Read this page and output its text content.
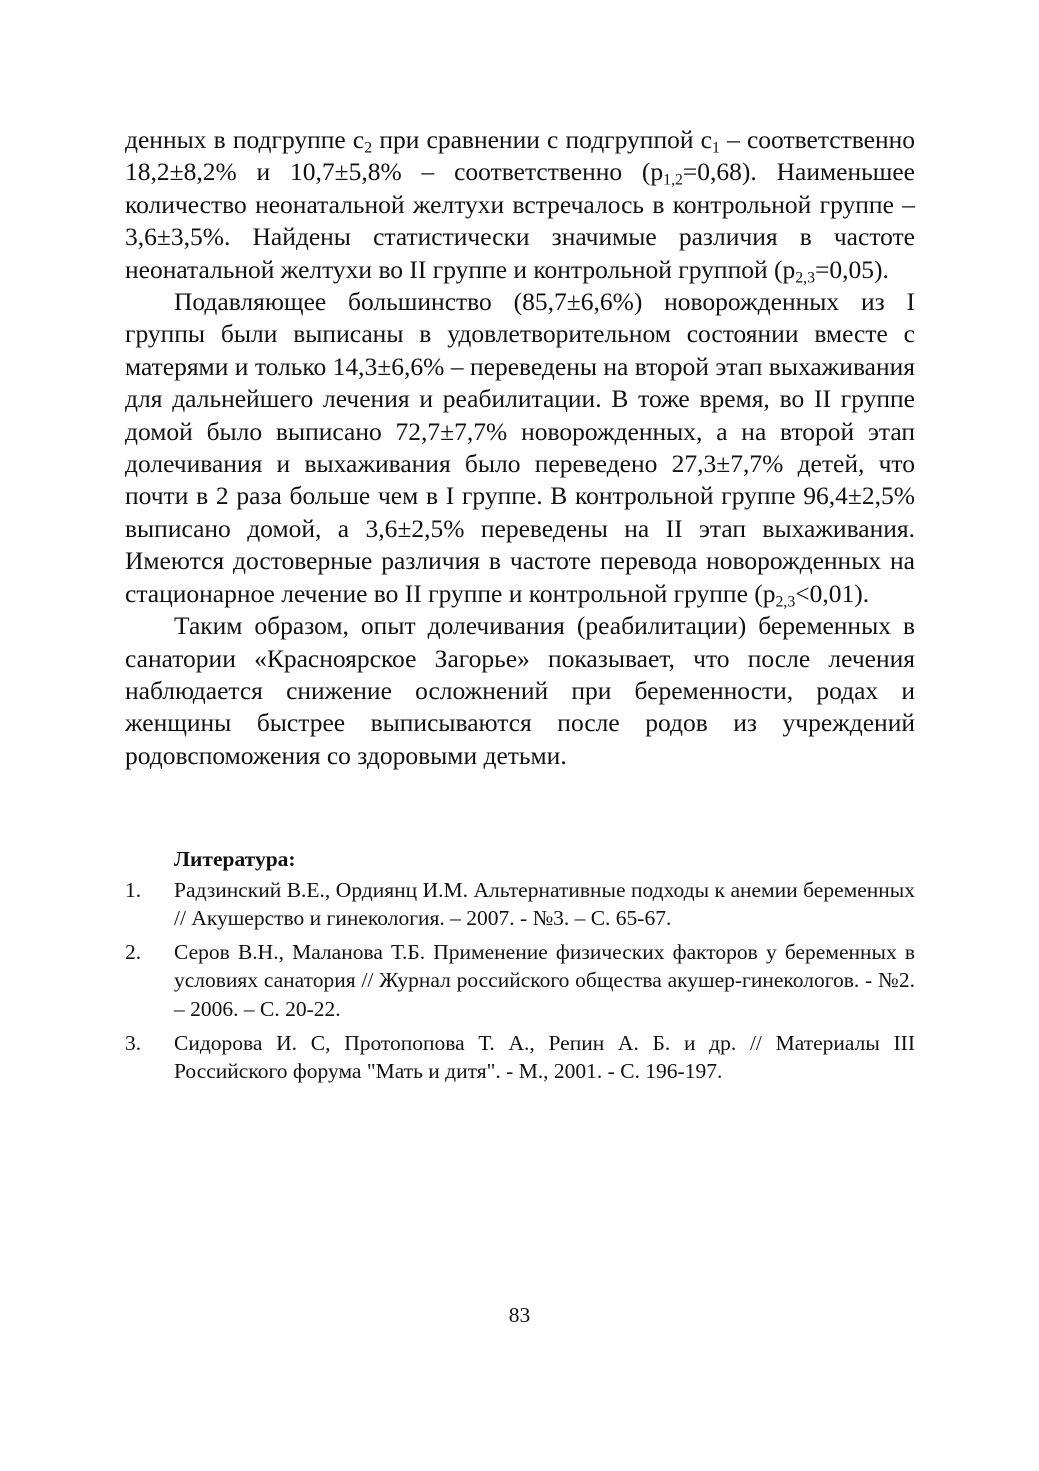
денных в подгруппе $с_2$ при сравнении с подгруппой $с_1$ – соответственно 18,2±8,2% и 10,7±5,8% – соответственно $(р_{1,2}=0,68)$. Наименьшее количество неонатальной желтухи встречалось в контрольной группе – 3,6±3,5%. Найдены статистически значимые различия в частоте неонатальной желтухи во II группе и контрольной группой $(р_{2,3}=0,05)$.

Подавляющее большинство (85,7±6,6%) новорожденных из I группы были выписаны в удовлетворительном состоянии вместе с матерями и только 14,3±6,6% – переведены на второй этап выхаживания для дальнейшего лечения и реабилитации. В тоже время, во II группе домой было выписано 72,7±7,7% новорожденных, а на второй этап долечивания и выхаживания было переведено 27,3±7,7% детей, что почти в 2 раза больше чем в I группе. В контрольной группе 96,4±2,5% выписано домой, а 3,6±2,5% переведены на II этап выхаживания. Имеются достоверные различия в частоте перевода новорожденных на стационарное лечение во II группе и контрольной группе $(р_{2,3}<0,01)$.

Таким образом, опыт долечивания (реабилитации) беременных в санатории «Красноярское Загорье» показывает, что после лечения наблюдается снижение осложнений при беременности, родах и женщины быстрее выписываются после родов из учреждений родовспоможения со здоровыми детьми.

Литература:

1. Радзинский В.Е., Ордиянц И.М. Альтернативные подходы к анемии беременных // Акушерство и гинекология. – 2007. - №3. – С. 65-67.
2. Серов В.Н., Маланова Т.Б. Применение физических факторов у беременных в условиях санатория // Журнал российского общества акушер-гинекологов. - №2. – 2006. – С. 20-22.
3. Сидорова И. С, Протопопова Т. А., Репин А. Б. и др. // Материалы III Российского форума "Мать и дитя". - М., 2001. - С. 196-197.
83
